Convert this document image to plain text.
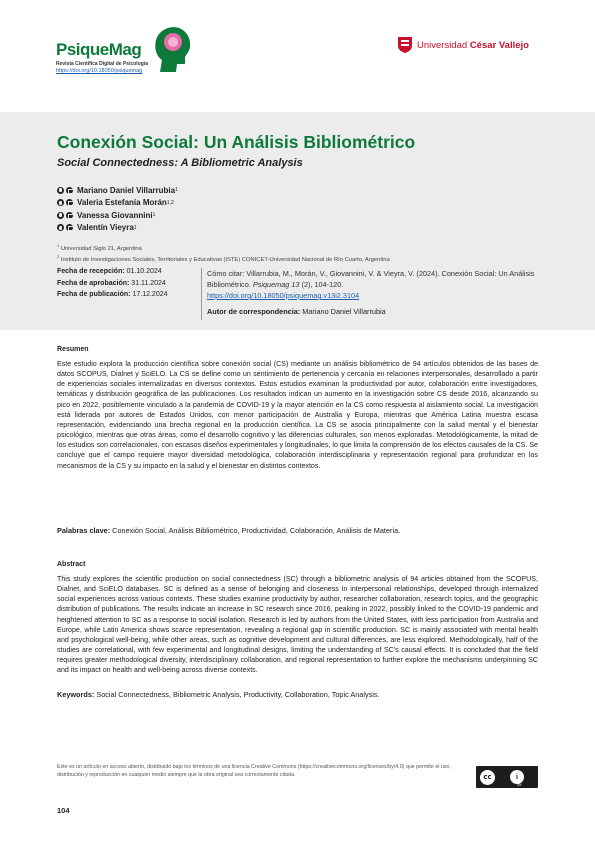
PsiqueMag
Revista Científica Digital de Psicología
https://doi.org/10.18050/psiquemag
Universidad César Vallejo
Conexión Social: Un Análisis Bibliométrico
Social Connectedness: A Bibliometric Analysis
Mariano Daniel Villarrubia 1
Valeria Estefanía Morán 1,2
Vanessa Giovannini 1
Valentín Vieyra 1
$^1$ Universidad Siglo 21, Argentina
$^2$ Instituto de Investigaciones Sociales, Territoriales y Educativas (ISTE) CONICET-Universidad Nacional de Río Cuarto, Argentina
Fecha de recepción: 01.10.2024
Fecha de aprobación: 31.11.2024
Fecha de publicación: 17.12.2024
Cómo citar: Villarrubia, M., Morán, V., Giovannini, V. & Vieyra, V. (2024). Conexión Social: Un Análisis Bibliométrico. Psiquemag 13 (2), 104-120.
https://doi.org/10.18050/psiquemag.v13i2.3104
Autor de correspondencia: Mariano Daniel Villarrubia
Resumen
Este estudio explora la producción científica sobre conexión social (CS) mediante un análisis bibliométrico de 94 artículos obtenidos de las bases de datos SCOPUS, Dialnet y SciELO. La CS se define como un sentimiento de pertenencia y cercanía en relaciones interpersonales, desarrollado a partir de experiencias sociales internalizadas en diversos contextos. Estos estudios examinan la productividad por autor, colaboración entre investigadores, temáticas y distribución geográfica de las publicaciones. Los resultados indican un aumento en la investigación sobre CS desde 2016, alcanzando su pico en 2022, posiblemente vinculado a la pandemia de COVID-19 y la mayor atención en la CS como respuesta al aislamiento social. La investigación está liderada por autores de Estados Unidos, con menor participación de Australia y Europa, mientras que América Latina muestra escasa representación, evidenciando una brecha regional en la producción científica. La CS se asocia principalmente con la salud mental y el bienestar psicológico, mientras que otras áreas, como el desarrollo cognitivo y las diferencias culturales, son menos exploradas. Metodológicamente, la mitad de los estudios son correlacionales, con escasos diseños experimentales y longitudinales, lo que limita la comprensión de los efectos causales de la CS. Se concluye que el campo requiere mayor diversidad metodológica, colaboración interdisciplinaria y representación regional para profundizar en los mecanismos de la CS y su impacto en la salud y el bienestar en distintos contextos.
Palabras clave: Conexión Social, Análisis Bibliométrico, Productividad, Colaboración, Análisis de Materia.
Abstract
This study explores the scientific production on social connectedness (SC) through a bibliometric analysis of 94 articles obtained from the SCOPUS, Dialnet, and SciELO databases. SC is defined as a sense of belonging and closeness in interpersonal relationships, developed through internalized social experiences across various contexts. These studies examine productivity by author, researcher collaboration, research topics, and the geographic distribution of publications. The results indicate an increase in SC research since 2016, peaking in 2022, possibly linked to the COVID-19 pandemic and heightened attention to SC as a response to social isolation. Research is led by authors from the United States, with less participation from Australia and Europe, while Latin America shows scarce representation, revealing a regional gap in scientific production. SC is mainly associated with mental health and psychological well-being, while other areas, such as cognitive development and cultural differences, are less explored. Methodologically, half of the studies are correlational, with few experimental and longitudinal designs, limiting the understanding of SC's causal effects. It is concluded that the field requires greater methodological diversity, interdisciplinary collaboration, and regional representation to further explore the mechanisms underpinning SC and its impact on health and well-being across diverse contexts.
Keywords: Social Connectedness, Bibliometric Analysis, Productivity, Collaboration, Topic Analysis.
Este es un artículo en acceso abierto, distribuido bajo los términos de una licencia Creative Commons (https://creativecommons.org/licenses/by/4.0) que permite el uso, distribución y reproducción en cualquier medio siempre que la obra original sea correctamente citada.	cc	i
BY
104
